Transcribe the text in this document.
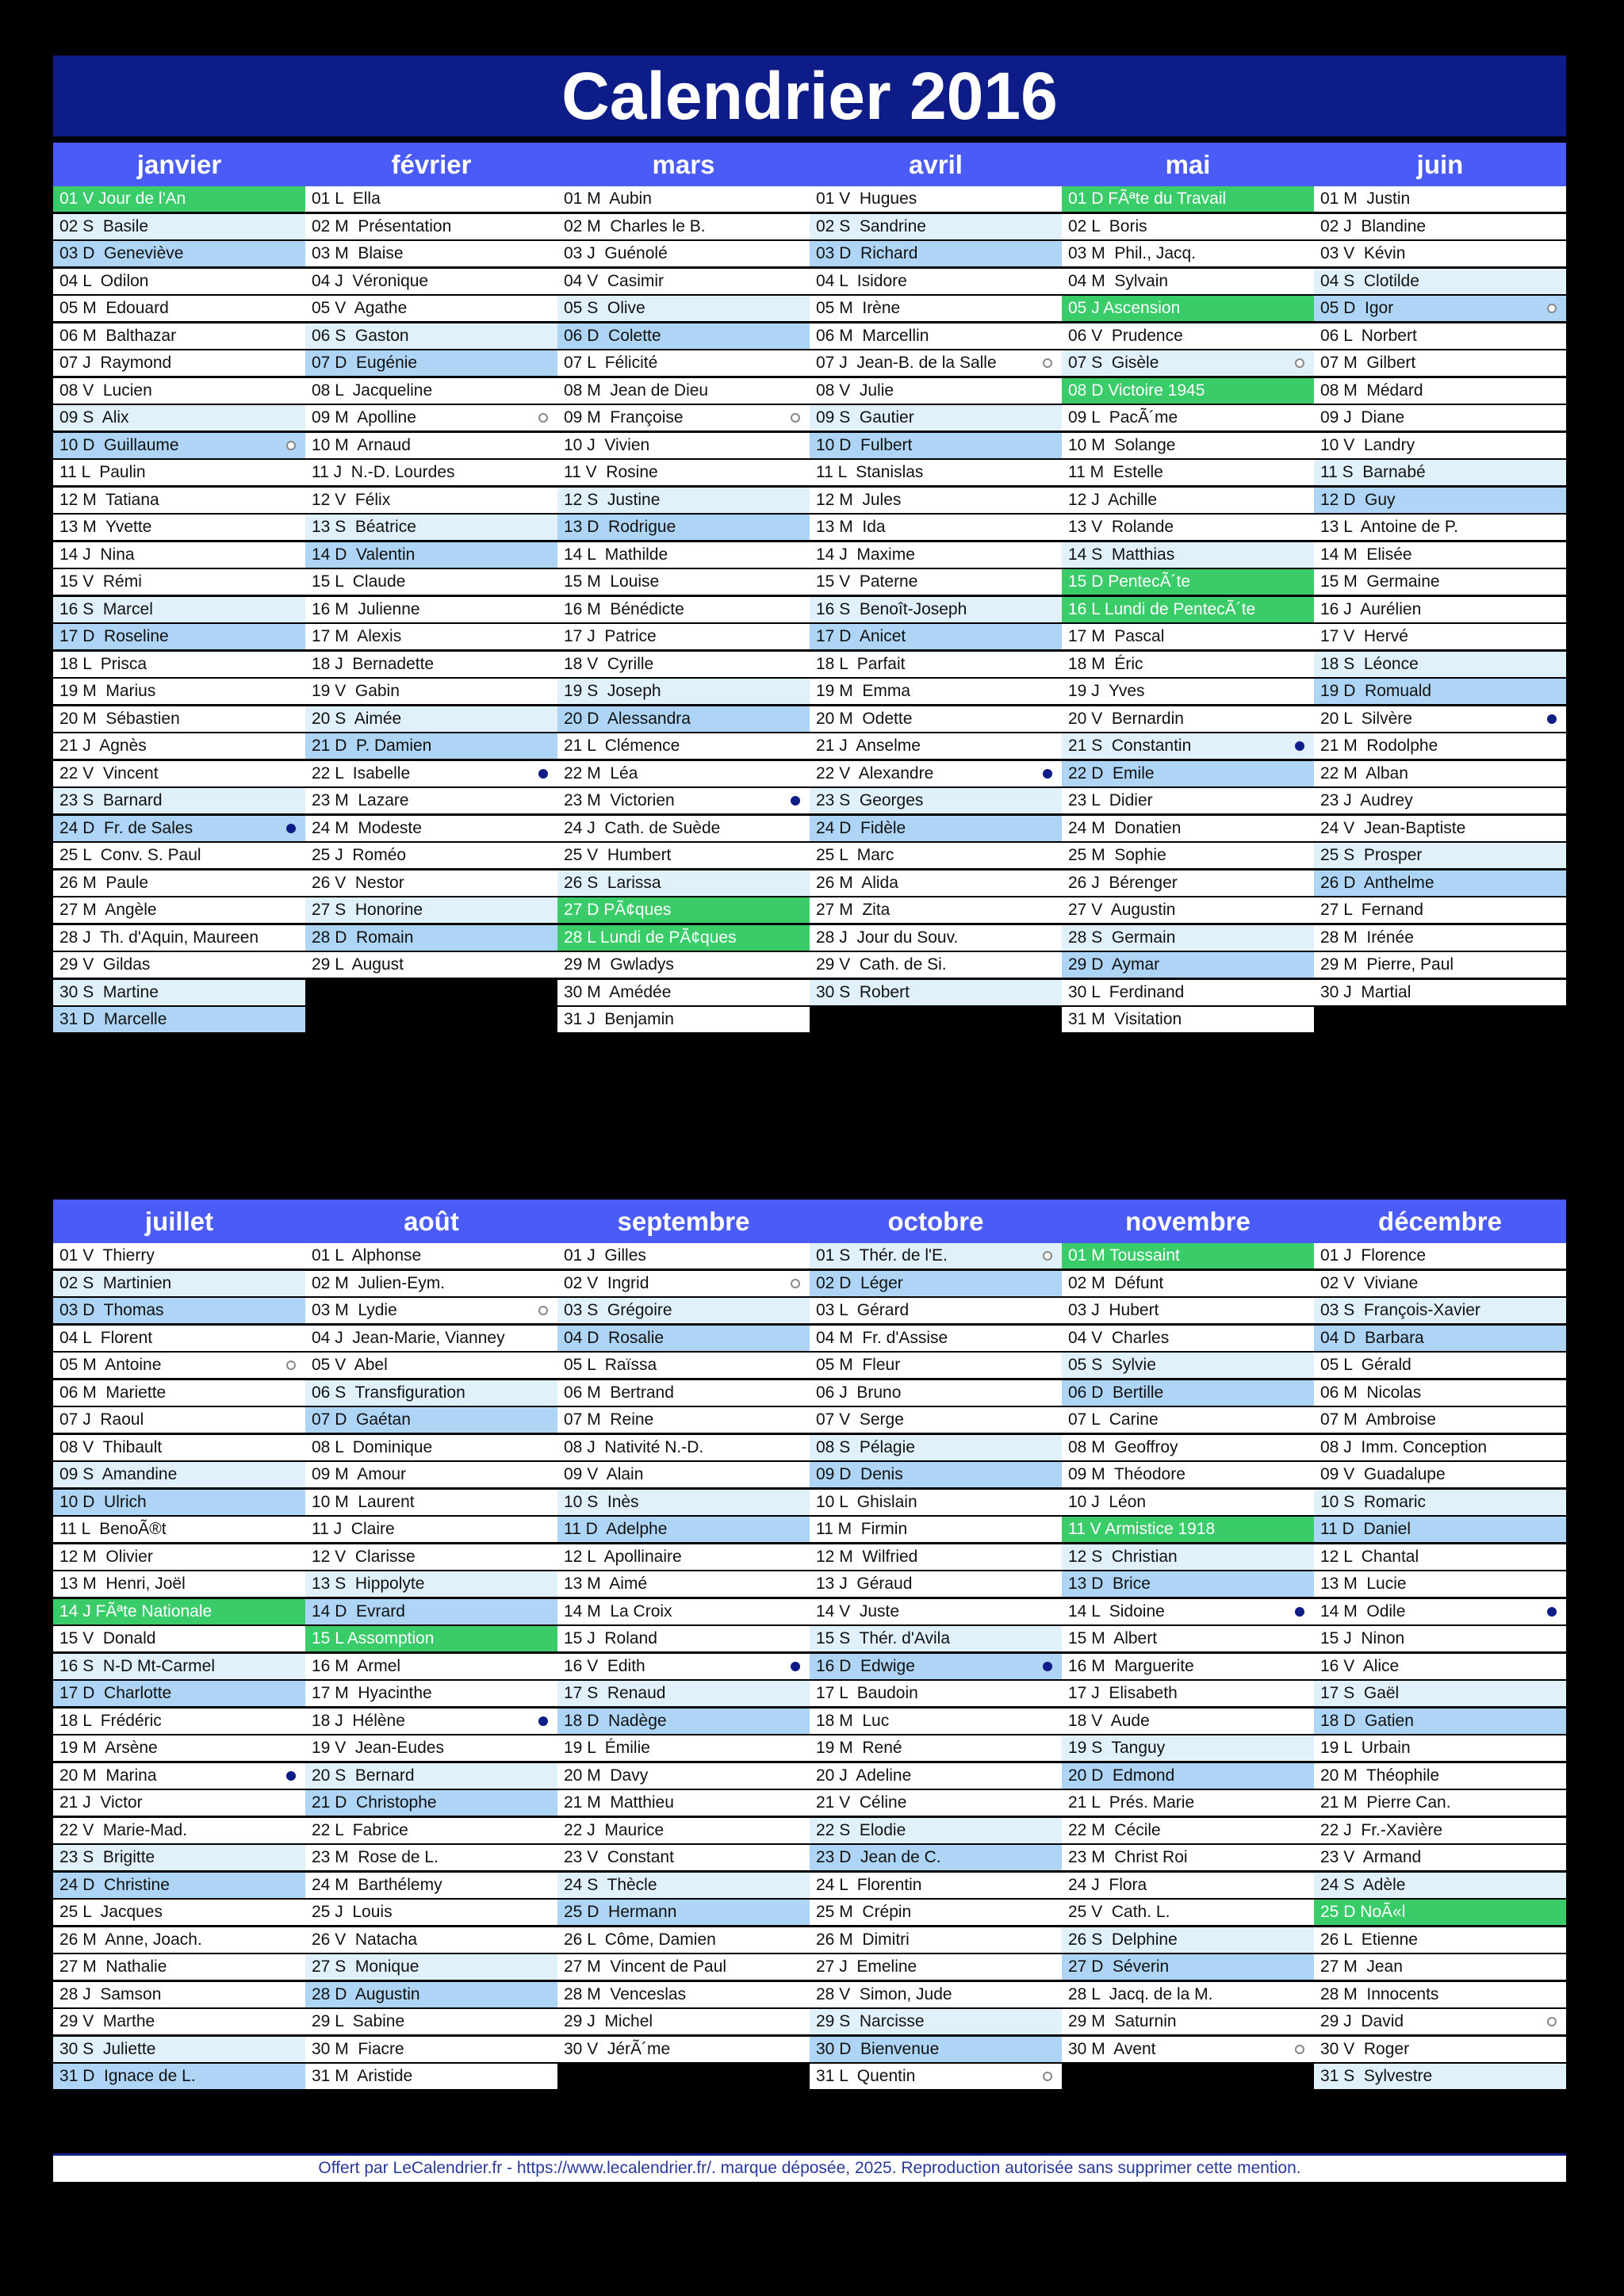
Calendrier 2016
janvier
01 V Jour de l'An
02 S  Basile
03 D  Geneviève
04 L  Odilon
05 M  Edouard
06 M  Balthazar
07 J  Raymond
08 V  Lucien
09 S  Alix
10 D  Guillaume
11 L  Paulin
12 M  Tatiana
13 M  Yvette
14 J  Nina
15 V  Rémi
16 S  Marcel
17 D  Roseline
18 L  Prisca
19 M  Marius
20 M  Sébastien
21 J  Agnès
22 V  Vincent
23 S  Barnard
24 D  Fr. de Sales
25 L  Conv. S. Paul
26 M  Paule
27 M  Angèle
28 J  Th. d'Aquin, Maureen
29 V  Gildas
30 S  Martine
31 D  Marcelle
février
01 L  Ella
02 M  Présentation
03 M  Blaise
04 J  Véronique
05 V  Agathe
06 S  Gaston
07 D  Eugénie
08 L  Jacqueline
09 M  Apolline
10 M  Arnaud
11 J  N.-D. Lourdes
12 V  Félix
13 S  Béatrice
14 D  Valentin
15 L  Claude
16 M  Julienne
17 M  Alexis
18 J  Bernadette
19 V  Gabin
20 S  Aimée
21 D  P. Damien
22 L  Isabelle
23 M  Lazare
24 M  Modeste
25 J  Roméo
26 V  Nestor
27 S  Honorine
28 D  Romain
29 L  August
mars
01 M  Aubin
02 M  Charles le B.
03 J  Guénolé
04 V  Casimir
05 S  Olive
06 D  Colette
07 L  Félicité
08 M  Jean de Dieu
09 M  Françoise
10 J  Vivien
11 V  Rosine
12 S  Justine
13 D  Rodrigue
14 L  Mathilde
15 M  Louise
16 M  Bénédicte
17 J  Patrice
18 V  Cyrille
19 S  Joseph
20 D  Alessandra
21 L  Clémence
22 M  Léa
23 M  Victorien
24 J  Cath. de Suède
25 V  Humbert
26 S  Larissa
27 D PÃ¢ques
28 L Lundi de PÃ¢ques
29 M  Gwladys
30 M  Amédée
31 J  Benjamin
avril
01 V  Hugues
02 S  Sandrine
03 D  Richard
04 L  Isidore
05 M  Irène
06 M  Marcellin
07 J  Jean-B. de la Salle
08 V  Julie
09 S  Gautier
10 D  Fulbert
11 L  Stanislas
12 M  Jules
13 M  Ida
14 J  Maxime
15 V  Paterne
16 S  Benoît-Joseph
17 D  Anicet
18 L  Parfait
19 M  Emma
20 M  Odette
21 J  Anselme
22 V  Alexandre
23 S  Georges
24 D  Fidèle
25 L  Marc
26 M  Alida
27 M  Zita
28 J  Jour du Souv.
29 V  Cath. de Si.
30 S  Robert
mai
01 D FÃªte du Travail
02 L  Boris
03 M  Phil., Jacq.
04 M  Sylvain
05 J Ascension
06 V  Prudence
07 S  Gisèle
08 D Victoire 1945
09 L  PacÃ´me
10 M  Solange
11 M  Estelle
12 J  Achille
13 V  Rolande
14 S  Matthias
15 D PentecÃ´te
16 L Lundi de PentecÃ´te
17 M  Pascal
18 M  Éric
19 J  Yves
20 V  Bernardin
21 S  Constantin
22 D  Emile
23 L  Didier
24 M  Donatien
25 M  Sophie
26 J  Bérenger
27 V  Augustin
28 S  Germain
29 D  Aymar
30 L  Ferdinand
31 M  Visitation
juin
01 M  Justin
02 J  Blandine
03 V  Kévin
04 S  Clotilde
05 D  Igor
06 L  Norbert
07 M  Gilbert
08 M  Médard
09 J  Diane
10 V  Landry
11 S  Barnabé
12 D  Guy
13 L  Antoine de P.
14 M  Elisée
15 M  Germaine
16 J  Aurélien
17 V  Hervé
18 S  Léonce
19 D  Romuald
20 L  Silvère
21 M  Rodolphe
22 M  Alban
23 J  Audrey
24 V  Jean-Baptiste
25 S  Prosper
26 D  Anthelme
27 L  Fernand
28 M  Irénée
29 M  Pierre, Paul
30 J  Martial
juillet
01 V  Thierry
02 S  Martinien
03 D  Thomas
04 L  Florent
05 M  Antoine
06 M  Mariette
07 J  Raoul
08 V  Thibault
09 S  Amandine
10 D  Ulrich
11 L  BenoÃ®t
12 M  Olivier
13 M  Henri, Joël
14 J FÃªte Nationale
15 V  Donald
16 S  N-D Mt-Carmel
17 D  Charlotte
18 L  Frédéric
19 M  Arsène
20 M  Marina
21 J  Victor
22 V  Marie-Mad.
23 S  Brigitte
24 D  Christine
25 L  Jacques
26 M  Anne, Joach.
27 M  Nathalie
28 J  Samson
29 V  Marthe
30 S  Juliette
31 D  Ignace de L.
août
01 L  Alphonse
02 M  Julien-Eym.
03 M  Lydie
04 J  Jean-Marie, Vianney
05 V  Abel
06 S  Transfiguration
07 D  Gaétan
08 L  Dominique
09 M  Amour
10 M  Laurent
11 J  Claire
12 V  Clarisse
13 S  Hippolyte
14 D  Evrard
15 L Assomption
16 M  Armel
17 M  Hyacinthe
18 J  Hélène
19 V  Jean-Eudes
20 S  Bernard
21 D  Christophe
22 L  Fabrice
23 M  Rose de L.
24 M  Barthélemy
25 J  Louis
26 V  Natacha
27 S  Monique
28 D  Augustin
29 L  Sabine
30 M  Fiacre
31 M  Aristide
septembre
01 J  Gilles
02 V  Ingrid
03 S  Grégoire
04 D  Rosalie
05 L  Raïssa
06 M  Bertrand
07 M  Reine
08 J  Nativité N.-D.
09 V  Alain
10 S  Inès
11 D  Adelphe
12 L  Apollinaire
13 M  Aimé
14 M  La Croix
15 J  Roland
16 V  Edith
17 S  Renaud
18 D  Nadège
19 L  Émilie
20 M  Davy
21 M  Matthieu
22 J  Maurice
23 V  Constant
24 S  Thècle
25 D  Hermann
26 L  Côme, Damien
27 M  Vincent de Paul
28 M  Venceslas
29 J  Michel
30 V  JérÃ´me
octobre
01 S  Thér. de l'E.
02 D  Léger
03 L  Gérard
04 M  Fr. d'Assise
05 M  Fleur
06 J  Bruno
07 V  Serge
08 S  Pélagie
09 D  Denis
10 L  Ghislain
11 M  Firmin
12 M  Wilfried
13 J  Géraud
14 V  Juste
15 S  Thér. d'Avila
16 D  Edwige
17 L  Baudoin
18 M  Luc
19 M  René
20 J  Adeline
21 V  Céline
22 S  Elodie
23 D  Jean de C.
24 L  Florentin
25 M  Crépin
26 M  Dimitri
27 J  Emeline
28 V  Simon, Jude
29 S  Narcisse
30 D  Bienvenue
31 L  Quentin
novembre
01 M Toussaint
02 M  Défunt
03 J  Hubert
04 V  Charles
05 S  Sylvie
06 D  Bertille
07 L  Carine
08 M  Geoffroy
09 M  Théodore
10 J  Léon
11 V Armistice 1918
12 S  Christian
13 D  Brice
14 L  Sidoine
15 M  Albert
16 M  Marguerite
17 J  Elisabeth
18 V  Aude
19 S  Tanguy
20 D  Edmond
21 L  Prés. Marie
22 M  Cécile
23 M  Christ Roi
24 J  Flora
25 V  Cath. L.
26 S  Delphine
27 D  Séverin
28 L  Jacq. de la M.
29 M  Saturnin
30 M  Avent
décembre
01 J  Florence
02 V  Viviane
03 S  François-Xavier
04 D  Barbara
05 L  Gérald
06 M  Nicolas
07 M  Ambroise
08 J  Imm. Conception
09 V  Guadalupe
10 S  Romaric
11 D  Daniel
12 L  Chantal
13 M  Lucie
14 M  Odile
15 J  Ninon
16 V  Alice
17 S  Gaël
18 D  Gatien
19 L  Urbain
20 M  Théophile
21 M  Pierre Can.
22 J  Fr.-Xavière
23 V  Armand
24 S  Adèle
25 D NoÃ«l
26 L  Etienne
27 M  Jean
28 M  Innocents
29 J  David
30 V  Roger
31 S  Sylvestre
Offert par LeCalendrier.fr - https://www.lecalendrier.fr/. marque déposée, 2025. Reproduction autorisée sans supprimer cette mention.
